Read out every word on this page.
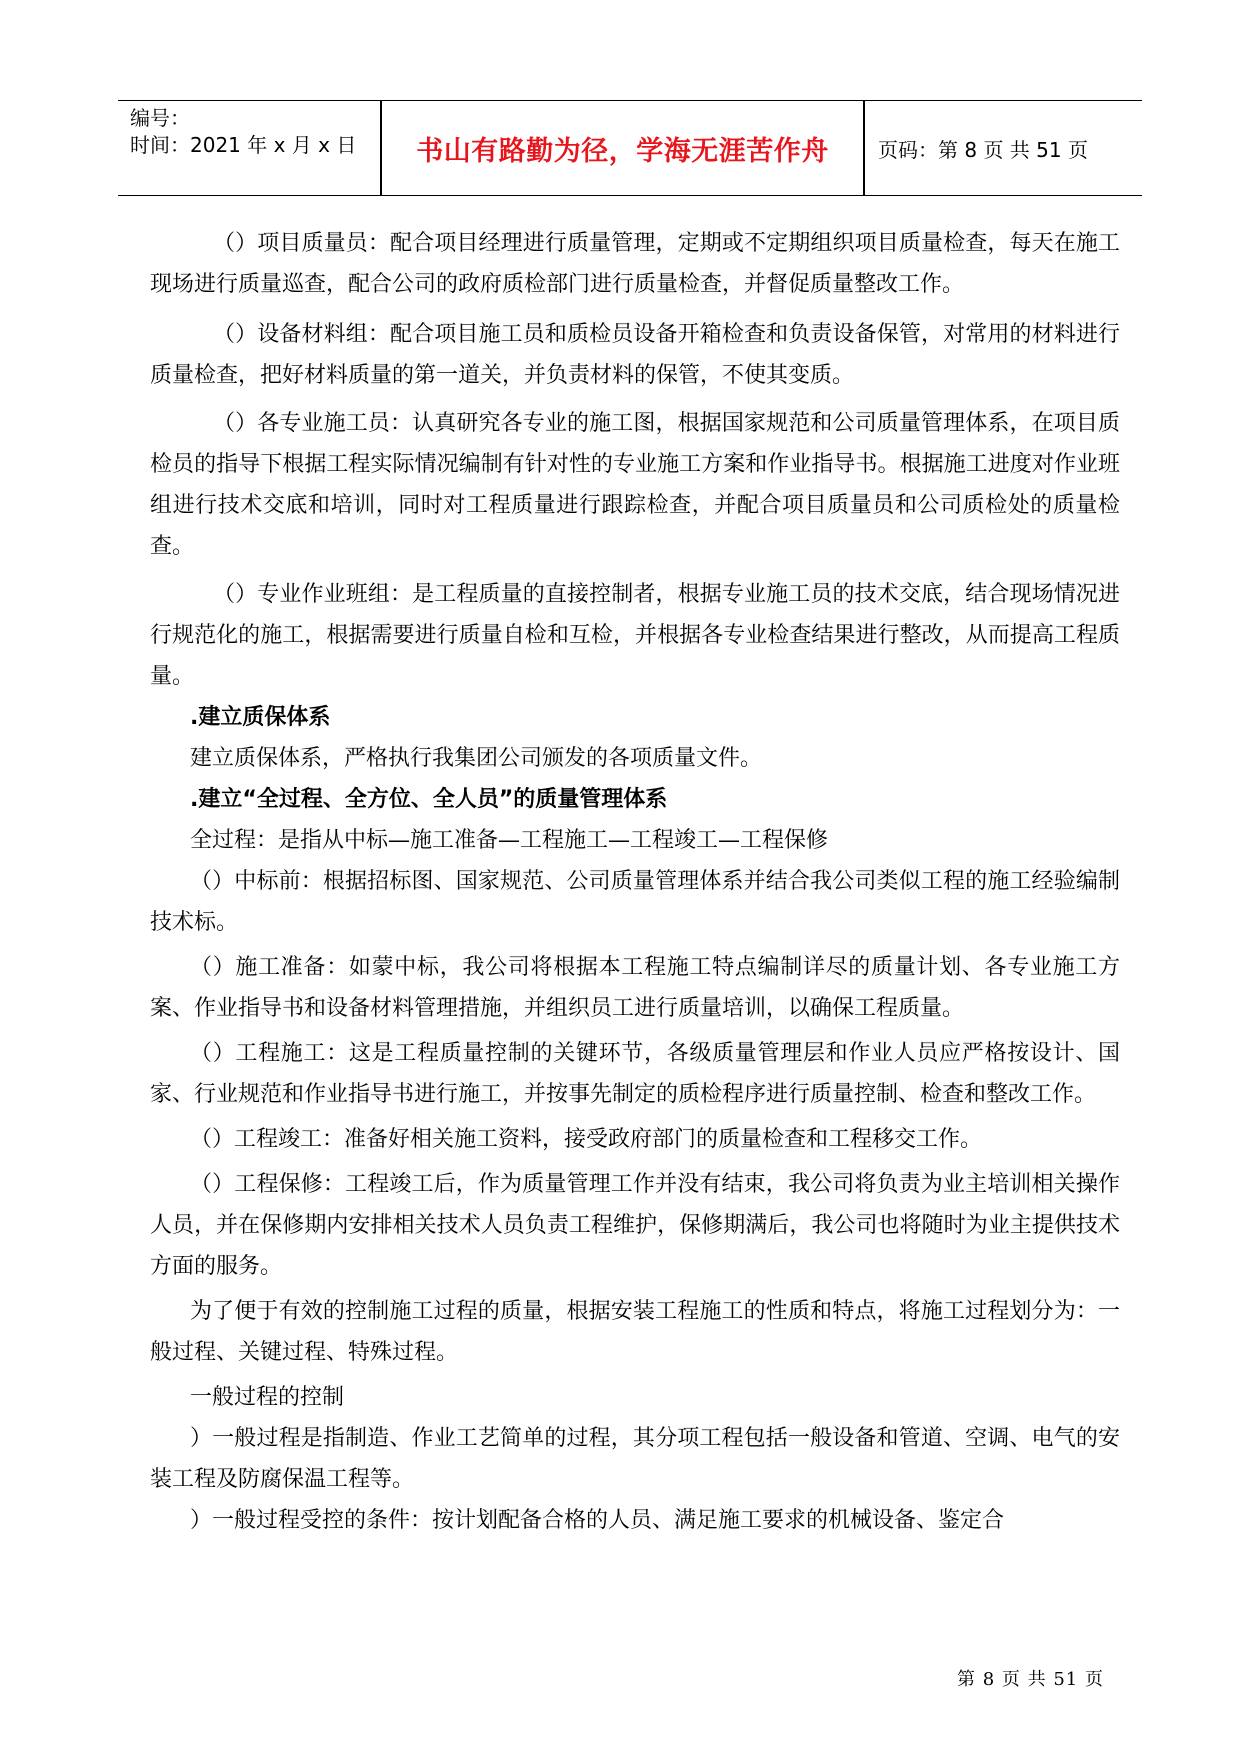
编号：
时间：2021 年 x 月 x 日	书山有路勤为径，学海无涯苦作舟	页码：第 8 页 共 51 页

（）项目质量员：配合项目经理进行质量管理，定期或不定期组织项目质量检查，每天在施工现场进行质量巡查，配合公司的政府质检部门进行质量检查，并督促质量整改工作。

（）设备材料组：配合项目施工员和质检员设备开箱检查和负责设备保管，对常用的材料进行质量检查，把好材料质量的第一道关，并负责材料的保管，不使其变质。

（）各专业施工员：认真研究各专业的施工图，根据国家规范和公司质量管理体系，在项目质检员的指导下根据工程实际情况编制有针对性的专业施工方案和作业指导书。根据施工进度对作业班组进行技术交底和培训，同时对工程质量进行跟踪检查，并配合项目质量员和公司质检处的质量检查。

（）专业作业班组：是工程质量的直接控制者，根据专业施工员的技术交底，结合现场情况进行规范化的施工，根据需要进行质量自检和互检，并根据各专业检查结果进行整改，从而提高工程质量。

.建立质保体系

建立质保体系，严格执行我集团公司颁发的各项质量文件。

.建立“全过程、全方位、全人员”的质量管理体系

全过程：是指从中标—施工准备—工程施工—工程竣工—工程保修

（）中标前：根据招标图、国家规范、公司质量管理体系并结合我公司类似工程的施工经验编制技术标。

（）施工准备：如蒙中标，我公司将根据本工程施工特点编制详尽的质量计划、各专业施工方案、作业指导书和设备材料管理措施，并组织员工进行质量培训，以确保工程质量。

（）工程施工：这是工程质量控制的关键环节，各级质量管理层和作业人员应严格按设计、国家、行业规范和作业指导书进行施工，并按事先制定的质检程序进行质量控制、检查和整改工作。

（）工程竣工：准备好相关施工资料，接受政府部门的质量检查和工程移交工作。

（）工程保修：工程竣工后，作为质量管理工作并没有结束，我公司将负责为业主培训相关操作人员，并在保修期内安排相关技术人员负责工程维护，保修期满后，我公司也将随时为业主提供技术方面的服务。

为了便于有效的控制施工过程的质量，根据安装工程施工的性质和特点，将施工过程划分为：一般过程、关键过程、特殊过程。

一般过程的控制

）一般过程是指制造、作业工艺简单的过程，其分项工程包括一般设备和管道、空调、电气的安装工程及防腐保温工程等。

）一般过程受控的条件：按计划配备合格的人员、满足施工要求的机械设备、鉴定合

第 8 页 共 51 页
